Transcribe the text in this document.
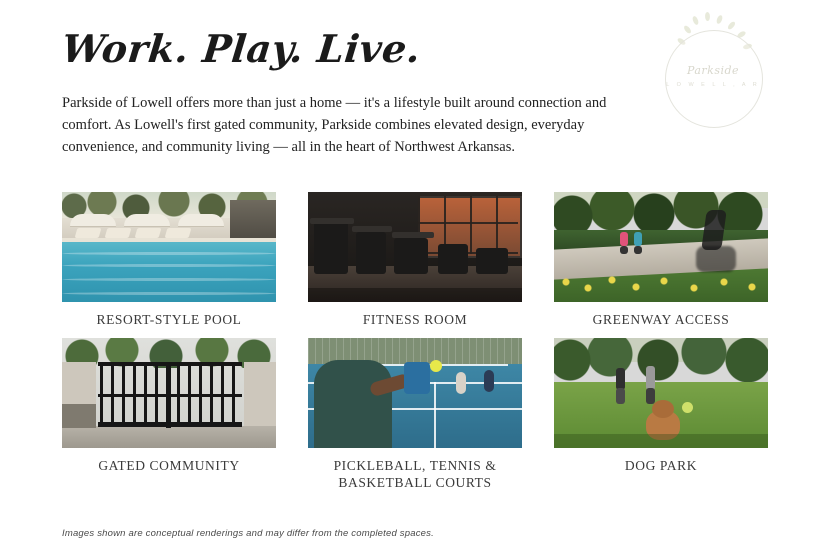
Parkside
L O W E L L , A R
Work. Play. Live.
Parkside of Lowell offers more than just a home — it's a lifestyle built around connection and comfort. As Lowell's first gated community, Parkside combines elevated design, everyday convenience, and community living — all in the heart of Northwest Arkansas.
RESORT-STYLE POOL	FITNESS ROOM	GREENWAY ACCESS
GATED COMMUNITY	PICKLEBALL, TENNIS &
BASKETBALL COURTS
DOG PARK
Images shown are conceptual renderings and may differ from the completed spaces.
